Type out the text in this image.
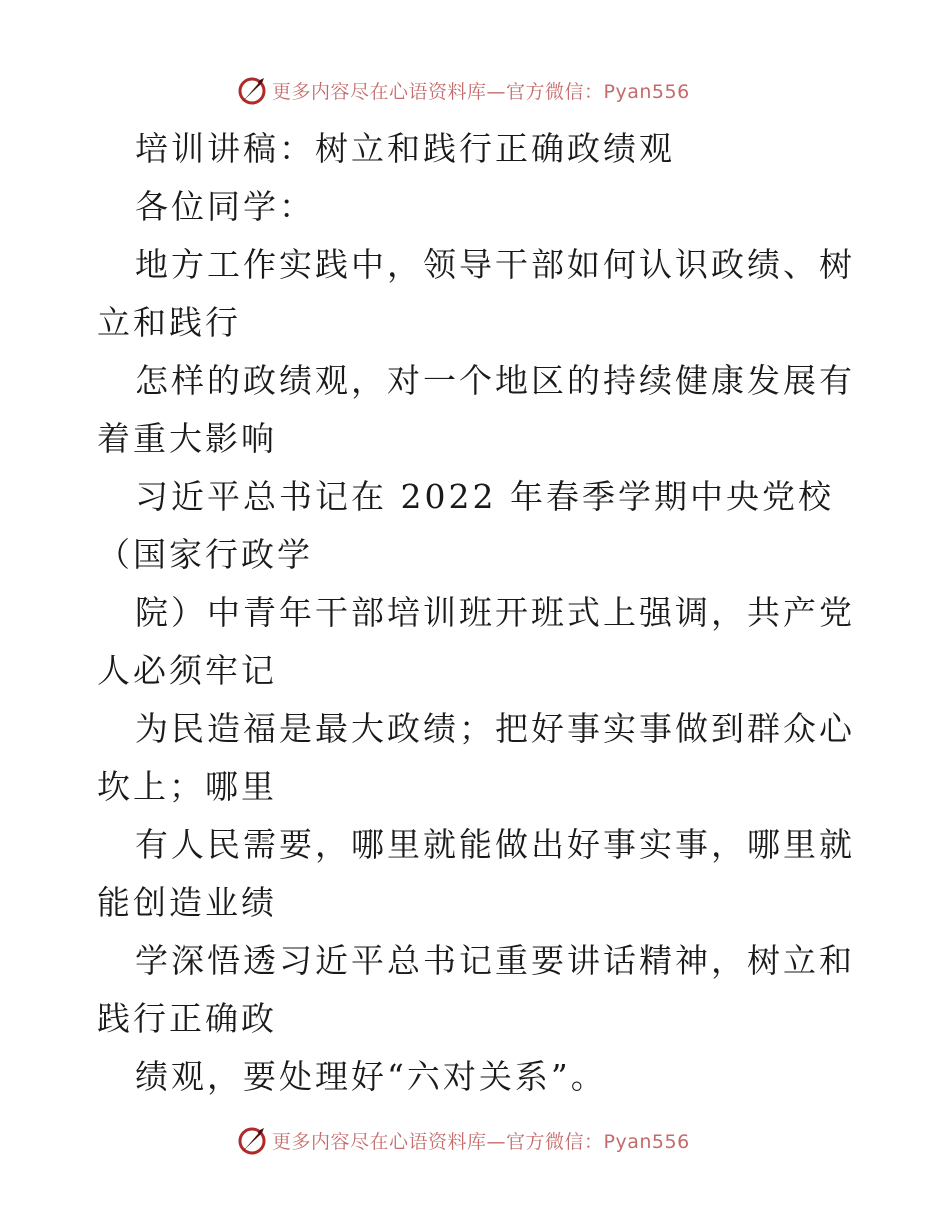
更多内容尽在心语资料库—官方微信：Pyan556

培训讲稿：树立和践行正确政绩观

各位同学：

地方工作实践中，领导干部如何认识政绩、树立和践行

怎样的政绩观，对一个地区的持续健康发展有着重大影响

习近平总书记在 2022 年春季学期中央党校（国家行政学

院）中青年干部培训班开班式上强调，共产党人必须牢记

为民造福是最大政绩；把好事实事做到群众心坎上；哪里

有人民需要，哪里就能做出好事实事，哪里就能创造业绩

学深悟透习近平总书记重要讲话精神，树立和践行正确政

绩观，要处理好“六对关系”。

更多内容尽在心语资料库—官方微信：Pyan556
